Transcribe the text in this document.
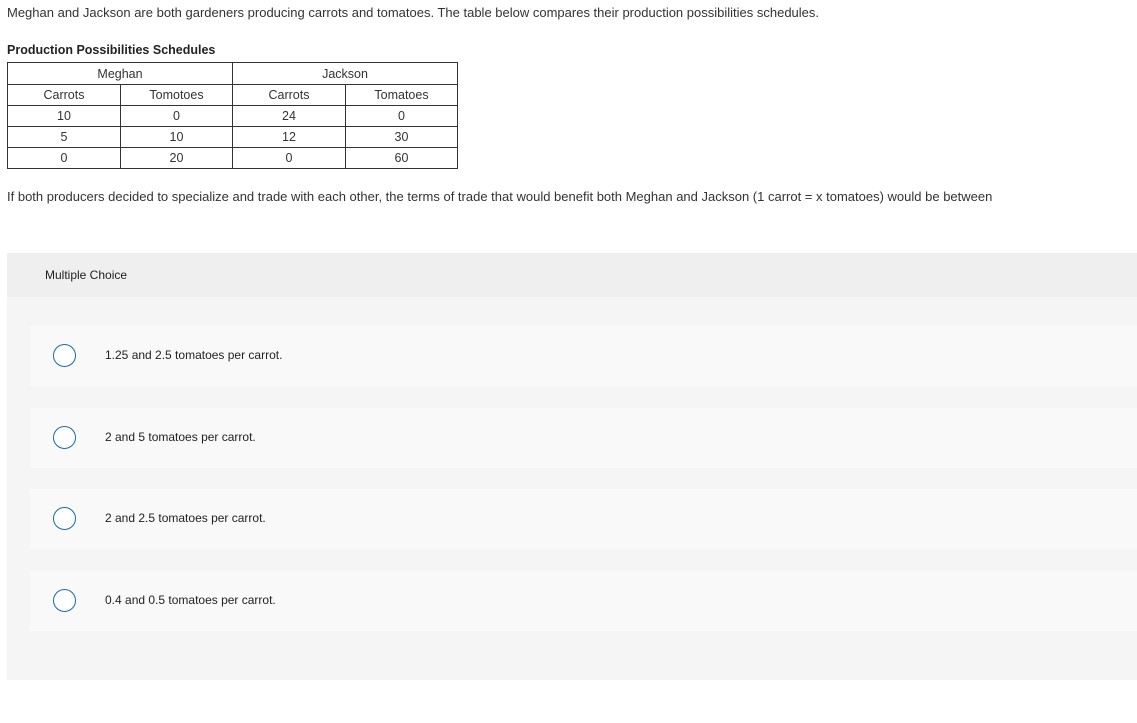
Meghan and Jackson are both gardeners producing carrots and tomatoes. The table below compares their production possibilities schedules.
Production Possibilities Schedules
Meghan		Jackson	
Carrots	Tomotoes	Carrots	Tomatoes
10	0	24	0
5	10	12	30
0	20	0	60
If both producers decided to specialize and trade with each other, the terms of trade that would benefit both Meghan and Jackson (1 carrot = x tomatoes) would be between
Multiple Choice
1.25 and 2.5 tomatoes per carrot.
2 and 5 tomatoes per carrot.
2 and 2.5 tomatoes per carrot.
0.4 and 0.5 tomatoes per carrot.
